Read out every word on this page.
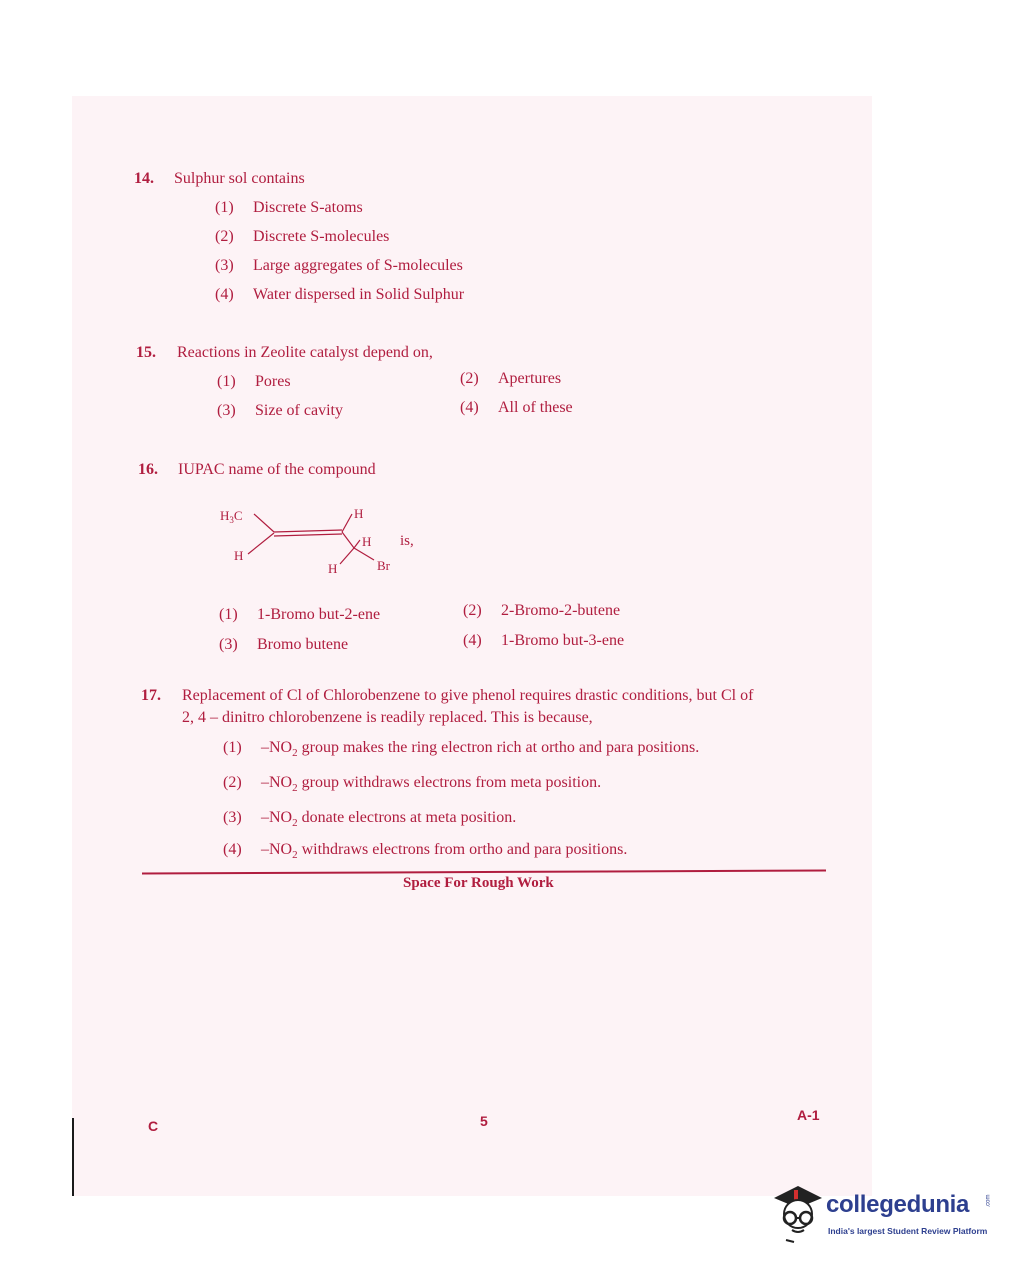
14. Sulphur sol contains
(1) Discrete S-atoms
(2) Discrete S-molecules
(3) Large aggregates of S-molecules
(4) Water dispersed in Solid Sulphur
15. Reactions in Zeolite catalyst depend on,
(1) Pores	(2) Apertures
(3) Size of cavity	(4) All of these
16. IUPAC name of the compound
$H_3C$
H
H
H
H	Br
is,
(1) 1-Bromo but-2-ene	(2) 2-Bromo-2-butene
(3) Bromo butene	(4) 1-Bromo but-3-ene
17. Replacement of Cl of Chlorobenzene to give phenol requires drastic conditions, but Cl of
2, 4 – dinitro chlorobenzene is readily replaced. This is because,
(1) $-NO_2$ group makes the ring electron rich at ortho and para positions.
(2) $-NO_2$ group withdraws electrons from meta position.
(3) $-NO_2$ donate electrons at meta position.
(4) $-NO_2$ withdraws electrons from ortho and para positions.
Space For Rough Work
C	5	A-1
collegedunia	.com
India's largest Student Review Platform
